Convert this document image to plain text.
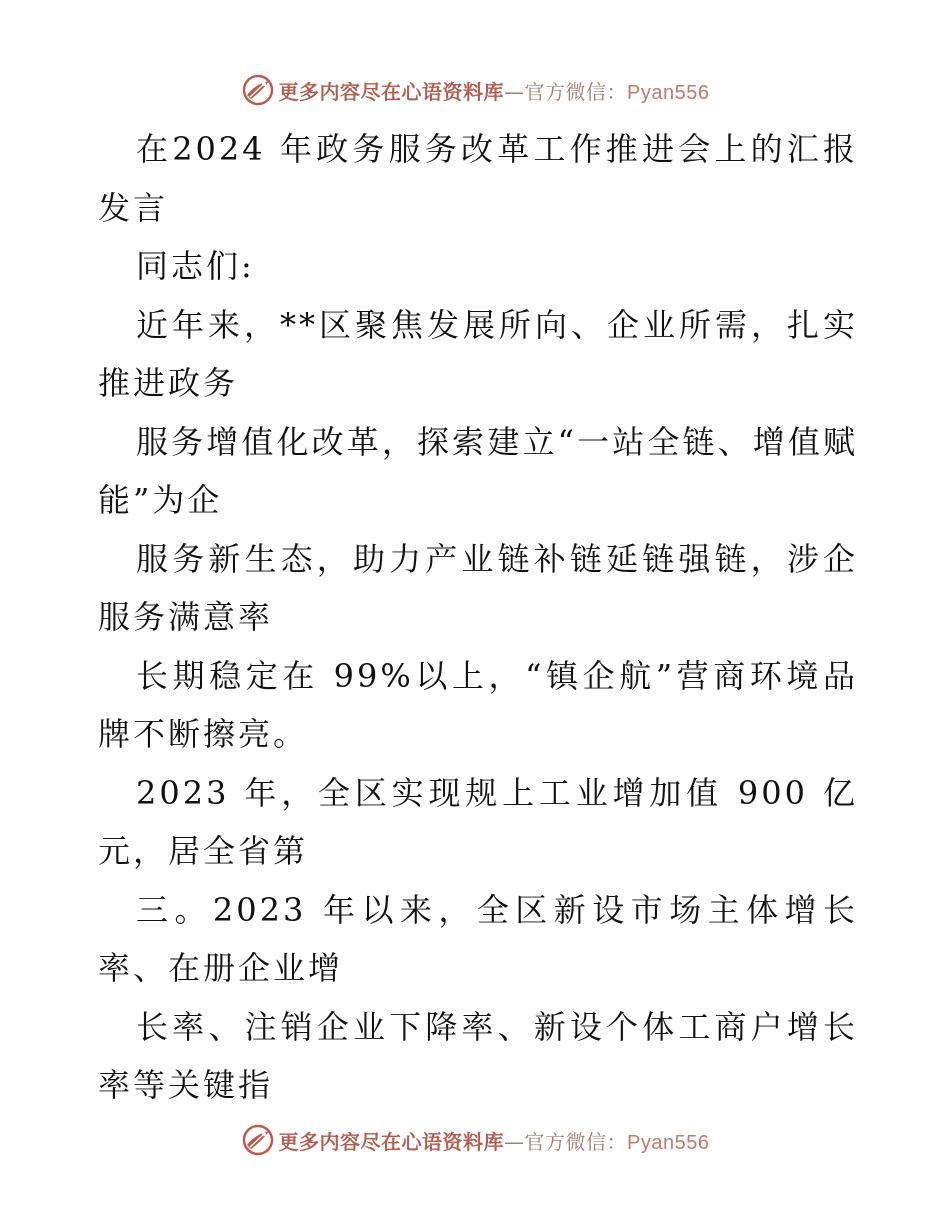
更多内容尽在心语资料库—官方微信：Pyan556

在2024 年政务服务改革工作推进会上的汇报发言

同志们:

近年来，**区聚焦发展所向、企业所需，扎实推进政务

服务增值化改革，探索建立“一站全链、增值赋能”为企

服务新生态，助力产业链补链延链强链，涉企服务满意率

长期稳定在 99%以上，“镇企航”营商环境品牌不断擦亮。

2023 年，全区实现规上工业增加值 900 亿元，居全省第

三。2023 年以来，全区新设市场主体增长率、在册企业增

长率、注销企业下降率、新设个体工商户增长率等关键指

更多内容尽在心语资料库—官方微信：Pyan556
